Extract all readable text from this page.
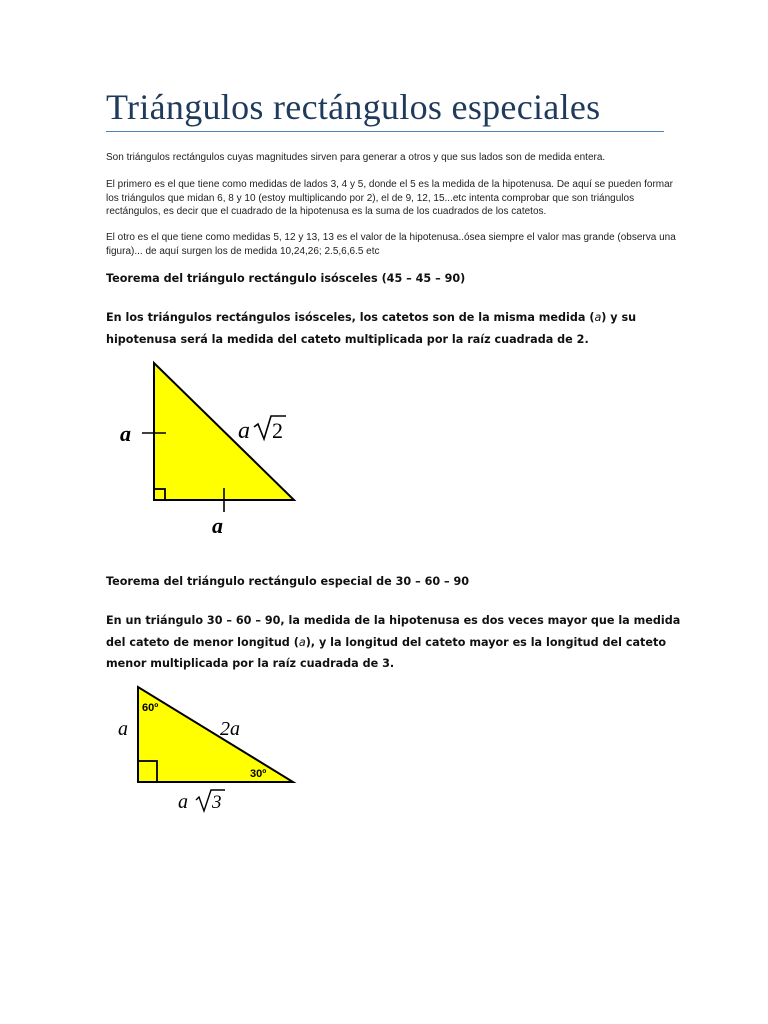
Triángulos rectángulos especiales

Son triángulos rectángulos cuyas magnitudes sirven para generar a otros y que sus lados son de medida entera.

El primero es el que tiene como medidas de lados 3, 4 y 5, donde el 5 es la medida de la hipotenusa. De aquí se pueden formar los triángulos que midan 6, 8 y 10 (estoy multiplicando por 2), el de 9, 12, 15...etc intenta comprobar que son triángulos rectángulos, es decir que el cuadrado de la hipotenusa es la suma de los cuadrados de los catetos.

El otro es el que tiene como medidas 5, 12 y 13, 13 es el valor de la hipotenusa..ósea siempre el valor mas grande (observa una figura)... de aquí surgen los de medida 10,24,26; 2.5,6,6.5 etc

Teorema del triángulo rectángulo isósceles (45 – 45 – 90)

En los triángulos rectángulos isósceles, los catetos son de la misma medida (a) y su hipotenusa será la medida del cateto multiplicada por la raíz cuadrada de 2.

a
a
a 2
Teorema del triángulo rectángulo especial de 30 – 60 – 90

En un triángulo 30 – 60 – 90, la medida de la hipotenusa es dos veces mayor que la medida del cateto de menor longitud (a), y la longitud del cateto mayor es la longitud del cateto menor multiplicada por la raíz cuadrada de 3.

60º
30º
a	2a
a 3
